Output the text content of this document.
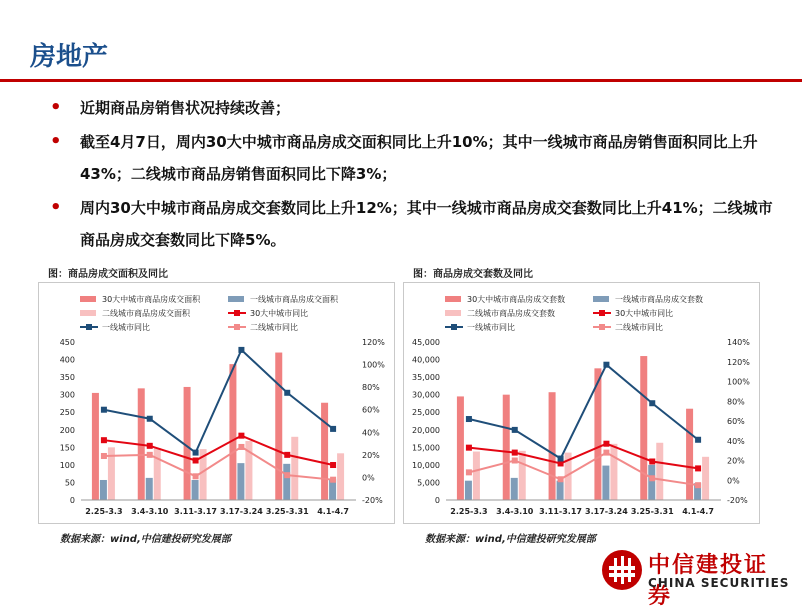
房地产
• 近期商品房销售状况持续改善；
• 截至4月7日，周内30大中城市商品房成交面积同比上升10%；其中一线城市商品房销售面积同比上升43%；二线城市商品房销售面积同比下降3%；
• 周内30大中城市商品房成交套数同比上升12%；其中一线城市商品房成交套数同比上升41%；二线城市商品房成交套数同比下降5%。
图：商品房成交面积及同比
30大中城市商品房成交面积	一线城市商品房成交面积
二线城市商品房成交面积	30大中城市同比
一线城市同比	二线城市同比
0
50
100
150
200
250
300
350
400
450
-20%
0%
20%
40%
60%
80%
100%
120%
2.25-3.3 3.4-3.10 3.11-3.17 3.17-3.24 3.25-3.31 4.1-4.7
数据来源：wind,中信建投研究发展部
图：商品房成交套数及同比
30大中城市商品房成交套数	一线城市商品房成交套数
二线城市商品房成交套数	30大中城市同比
一线城市同比	二线城市同比
0
5,000
10,000
15,000
20,000
25,000
30,000
35,000
40,000
45,000
-20%
0%
20%
40%
60%
80%
100%
120%
140%
2.25-3.3 3.4-3.10 3.11-3.17 3.17-3.24 3.25-3.31 4.1-4.7
数据来源：wind,中信建投研究发展部
中信建投证券
CHINA SECURITIES
